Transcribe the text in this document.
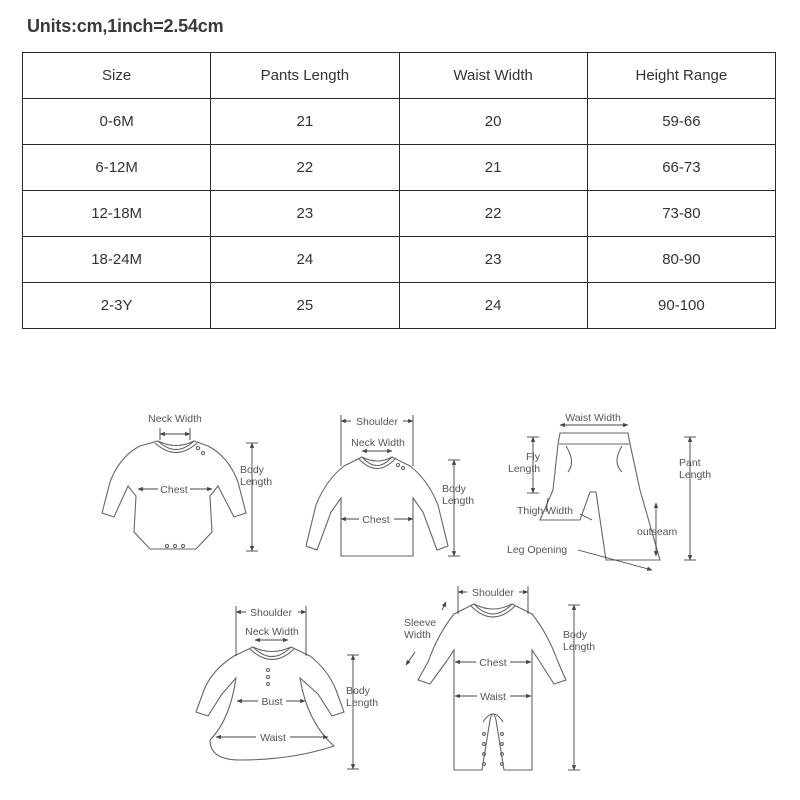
Units:cm,1inch=2.54cm
Size	Pants Length	Waist Width	Height Range
0-6M	21	20	59-66
6-12M	22	21	66-73
12-18M	23	22	73-80
18-24M	24	23	80-90
2-3Y	25	24	90-100
Neck Width
Chest
Body
Length
Shoulder
Neck Width
Chest
Body
Length
Waist Width
Fly
Length	Pant
Length
Thigh Width
outseam
Leg Opening
Shoulder
Neck Width
Bust
Waist
Body
Length
Shoulder
Sleeve
Width
Chest
Waist
Body
Length
